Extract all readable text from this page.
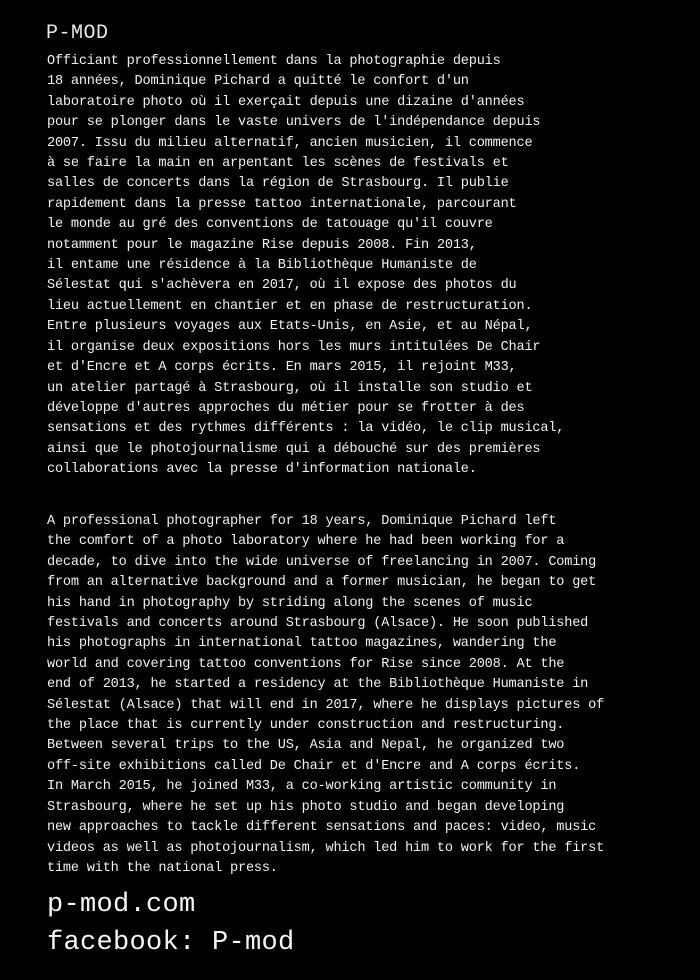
P-MOD
Officiant professionnellement dans la photographie depuis
18 années, Dominique Pichard a quitté le confort d'un
laboratoire photo où il exerçait depuis une dizaine d'années
pour se plonger dans le vaste univers de l'indépendance depuis
2007. Issu du milieu alternatif, ancien musicien, il commence
à se faire la main en arpentant les scènes de festivals et
salles de concerts dans la région de Strasbourg. Il publie
rapidement dans la presse tattoo internationale, parcourant
le monde au gré des conventions de tatouage qu'il couvre
notamment pour le magazine Rise depuis 2008. Fin 2013,
il entame une résidence à la Bibliothèque Humaniste de
Sélestat qui s'achèvera en 2017, où il expose des photos du
lieu actuellement en chantier et en phase de restructuration.
Entre plusieurs voyages aux Etats-Unis, en Asie, et au Népal,
il organise deux expositions hors les murs intitulées De Chair
et d'Encre et A corps écrits. En mars 2015, il rejoint M33,
un atelier partagé à Strasbourg, où il installe son studio et
développe d'autres approches du métier pour se frotter à des
sensations et des rythmes différents : la vidéo, le clip musical,
ainsi que le photojournalisme qui a débouché sur des premières
collaborations avec la presse d'information nationale.
A professional photographer for 18 years, Dominique Pichard left
the comfort of a photo laboratory where he had been working for a
decade, to dive into the wide universe of freelancing in 2007. Coming
from an alternative background and a former musician, he began to get
his hand in photography by striding along the scenes of music
festivals and concerts around Strasbourg (Alsace). He soon published
his photographs in international tattoo magazines, wandering the
world and covering tattoo conventions for Rise since 2008. At the
end of 2013, he started a residency at the Bibliothèque Humaniste in
Sélestat (Alsace) that will end in 2017, where he displays pictures of
the place that is currently under construction and restructuring.
Between several trips to the US, Asia and Nepal, he organized two
off-site exhibitions called De Chair et d'Encre and A corps écrits.
In March 2015, he joined M33, a co-working artistic community in
Strasbourg, where he set up his photo studio and began developing
new approaches to tackle different sensations and paces: video, music
videos as well as photojournalism, which led him to work for the first
time with the national press.
p-mod.com
facebook: P-mod
